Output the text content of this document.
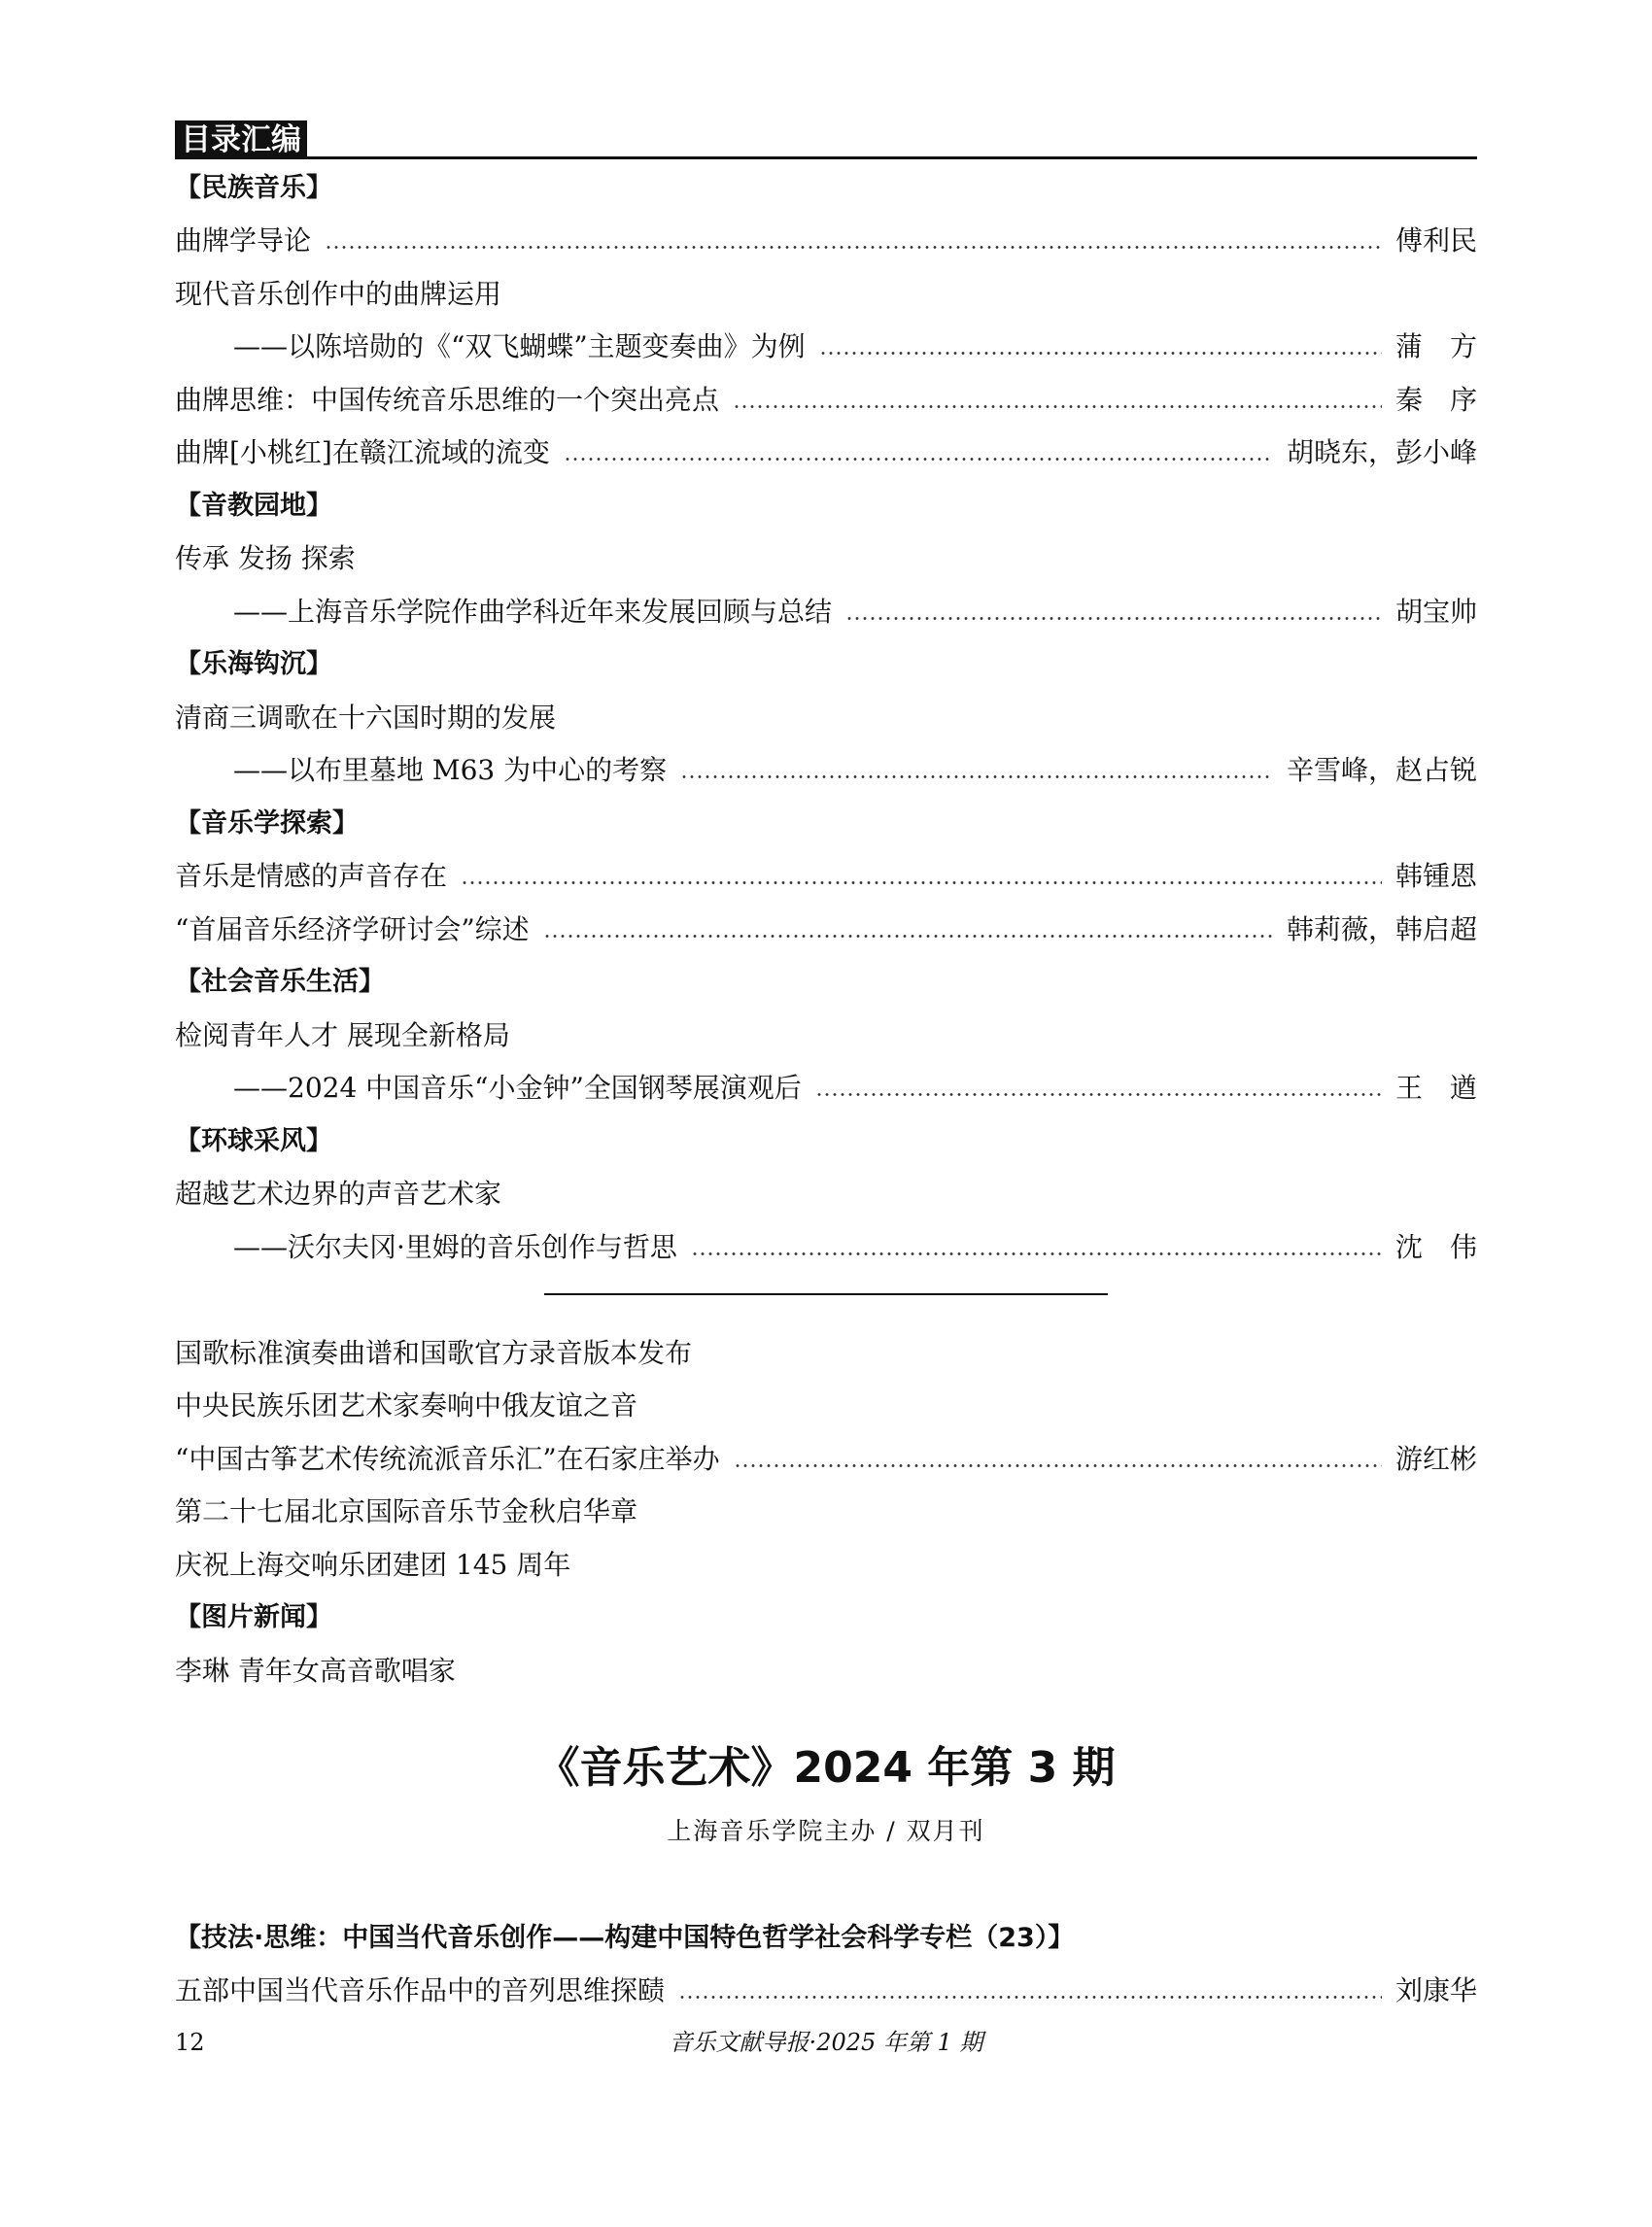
目录汇编
【民族音乐】
曲牌学导论	傅利民
现代音乐创作中的曲牌运用
——以陈培勋的《“双飞蝴蝶”主题变奏曲》为例	蒲　方
曲牌思维：中国传统音乐思维的一个突出亮点	秦　序
曲牌[小桃红]在赣江流域的流变	胡晓东，彭小峰
【音教园地】
传承 发扬 探索
——上海音乐学院作曲学科近年来发展回顾与总结	胡宝帅
【乐海钩沉】
清商三调歌在十六国时期的发展
——以布里墓地 M63 为中心的考察	辛雪峰，赵占锐
【音乐学探索】
音乐是情感的声音存在	韩锺恩
“首届音乐经济学研讨会”综述	韩莉薇，韩启超
【社会音乐生活】
检阅青年人才 展现全新格局
——2024 中国音乐“小金钟”全国钢琴展演观后	王　遒
【环球采风】
超越艺术边界的声音艺术家
——沃尔夫冈·里姆的音乐创作与哲思	沈　伟
国歌标准演奏曲谱和国歌官方录音版本发布
中央民族乐团艺术家奏响中俄友谊之音
“中国古筝艺术传统流派音乐汇”在石家庄举办	游红彬
第二十七届北京国际音乐节金秋启华章
庆祝上海交响乐团建团 145 周年
【图片新闻】
李琳 青年女高音歌唱家
《音乐艺术》2024 年第 3 期
上海音乐学院主办 / 双月刊
【技法·思维：中国当代音乐创作——构建中国特色哲学社会科学专栏（23）】
五部中国当代音乐作品中的音列思维探赜	刘康华
12	音乐文献导报·2025 年第 1 期
